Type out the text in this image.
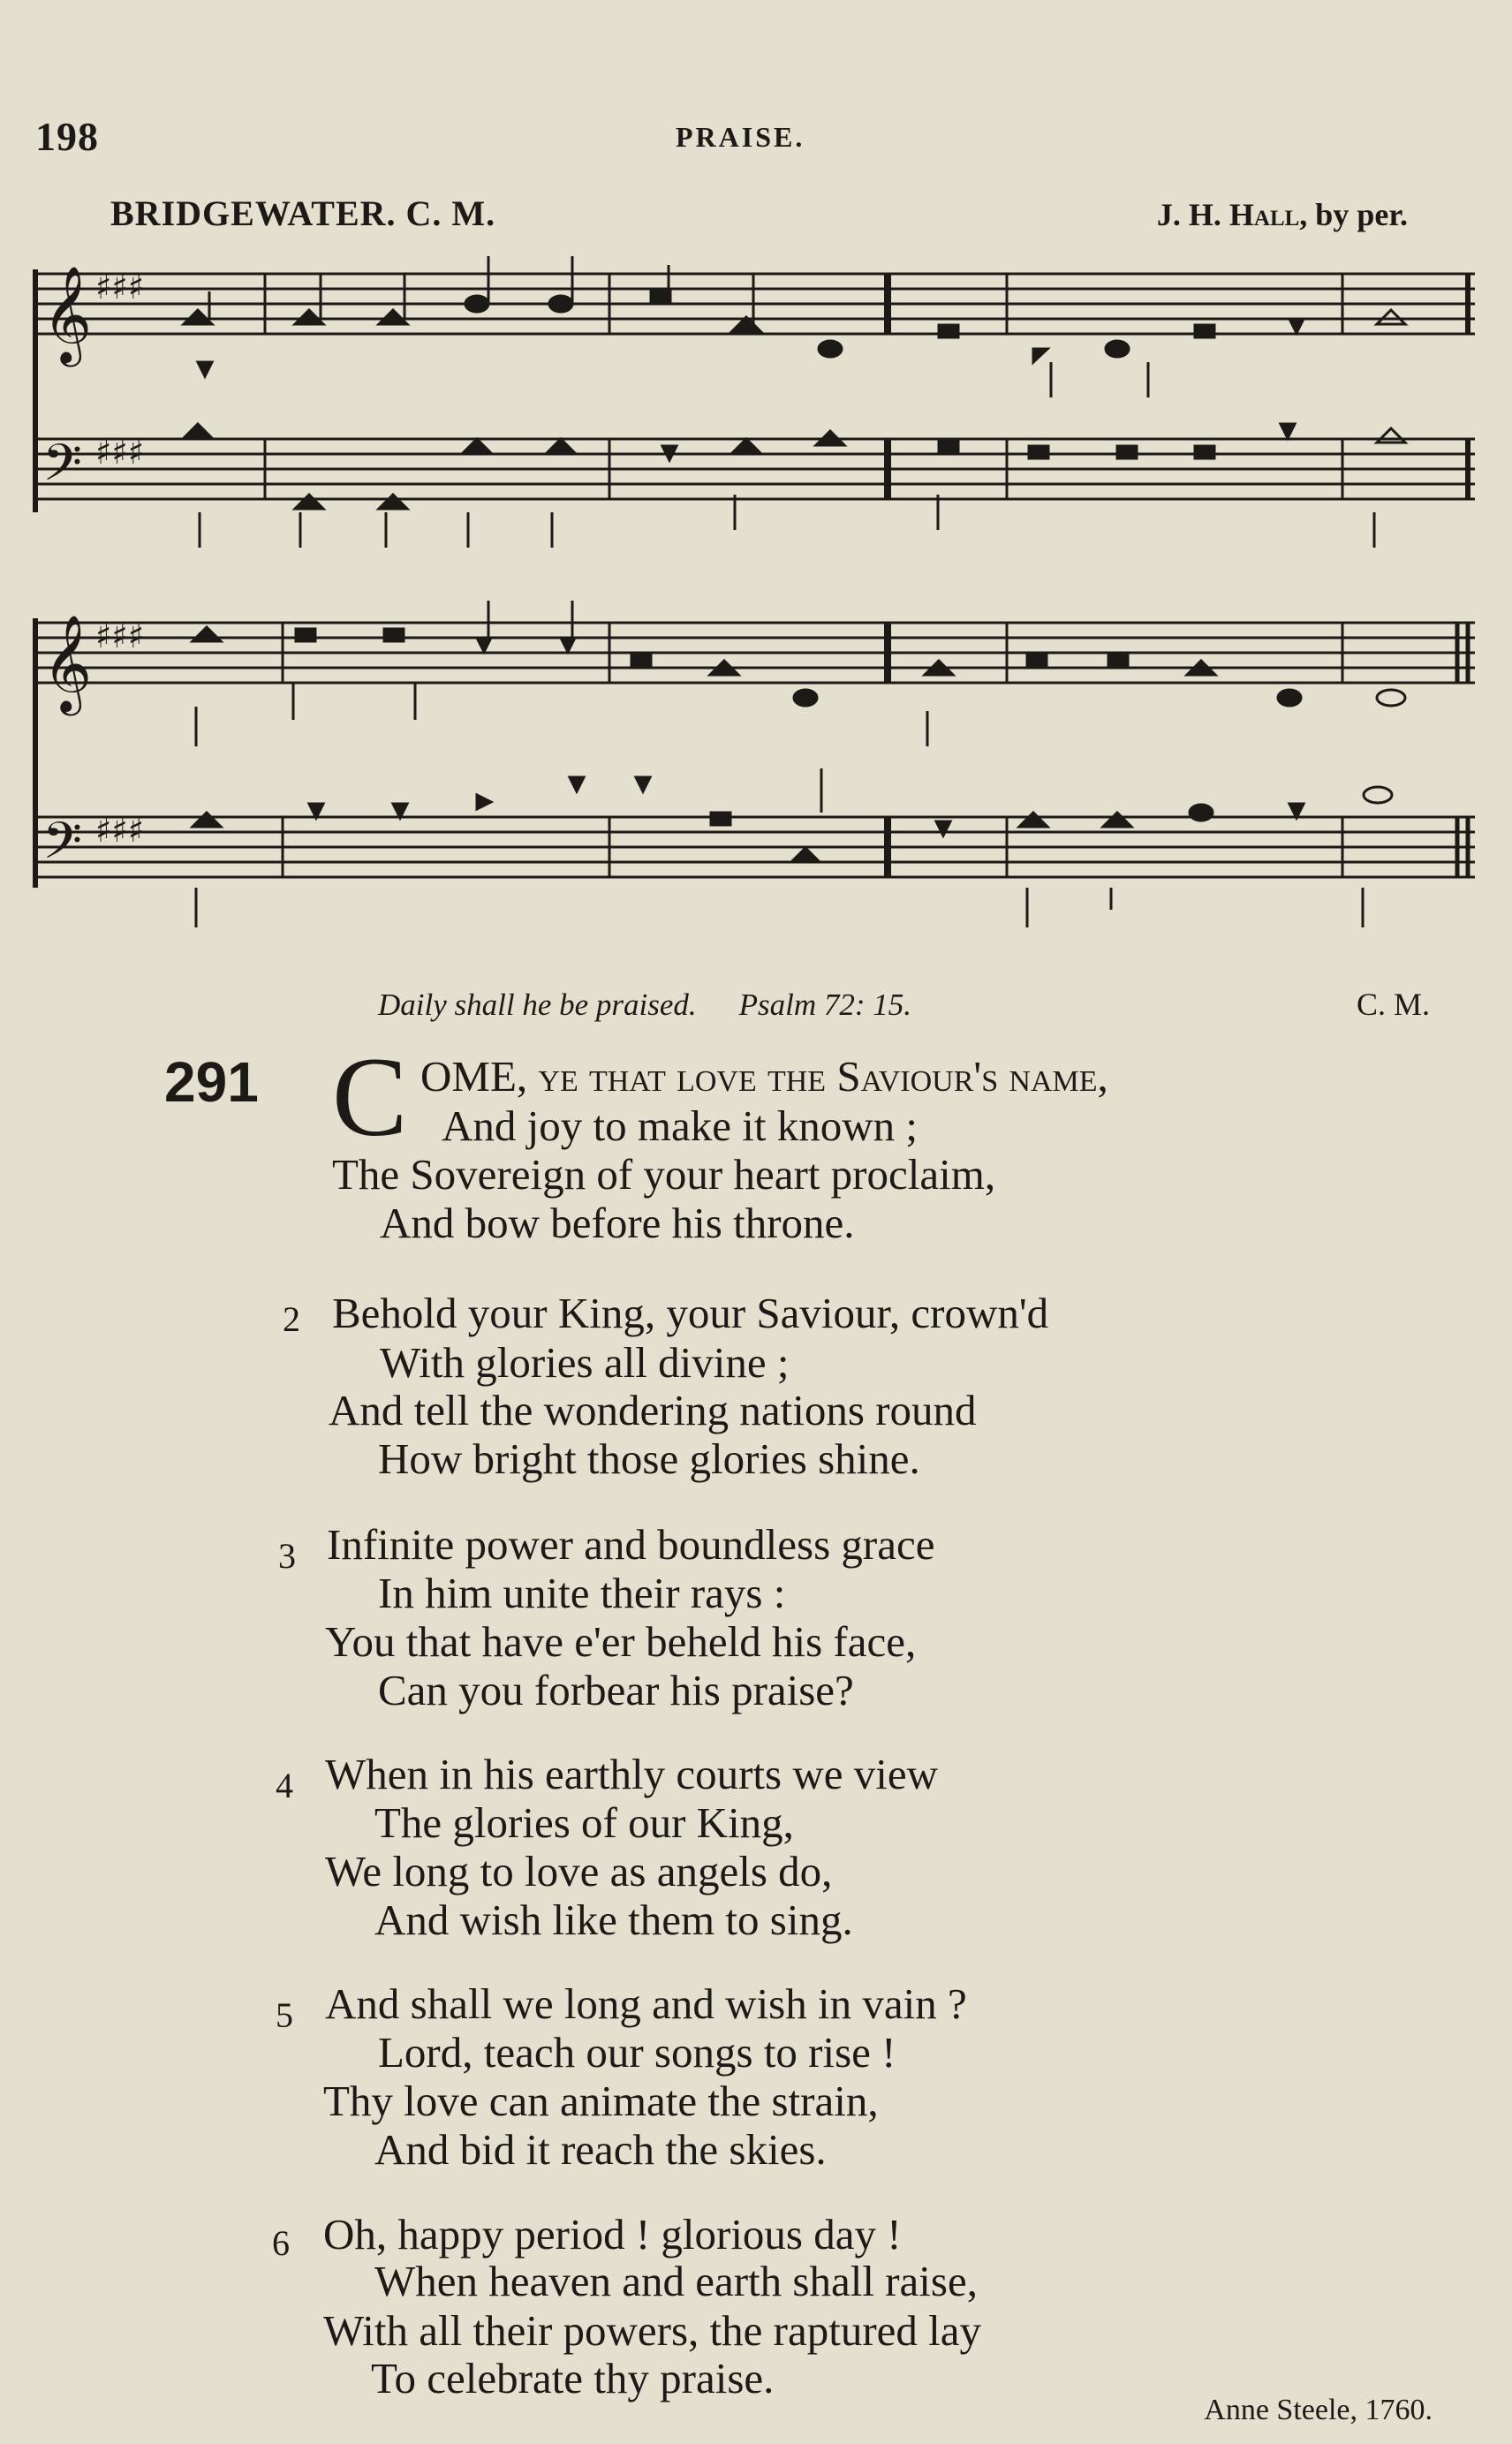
198	PRAISE.
BRIDGEWATER. C. M.	J. H. Hall, by per.
𝄞
𝄢
𝄞
𝄢
♯♯♯
♯♯♯
♯♯♯
♯♯♯
Daily shall he be praised. Psalm 72: 15.	C. M.
291 C OME, ye that love the Saviour's name,
And joy to make it known ;
The Sovereign of your heart proclaim,
And bow before his throne.
2 Behold your King, your Saviour, crown'd
With glories all divine ;
And tell the wondering nations round
How bright those glories shine.
3 Infinite power and boundless grace
In him unite their rays :
You that have e'er beheld his face,
Can you forbear his praise?
4 When in his earthly courts we view
The glories of our King,
We long to love as angels do,
And wish like them to sing.
5 And shall we long and wish in vain ?
Lord, teach our songs to rise !
Thy love can animate the strain,
And bid it reach the skies.
6 Oh, happy period ! glorious day !
When heaven and earth shall raise,
With all their powers, the raptured lay
To celebrate thy praise.
Anne Steele, 1760.
